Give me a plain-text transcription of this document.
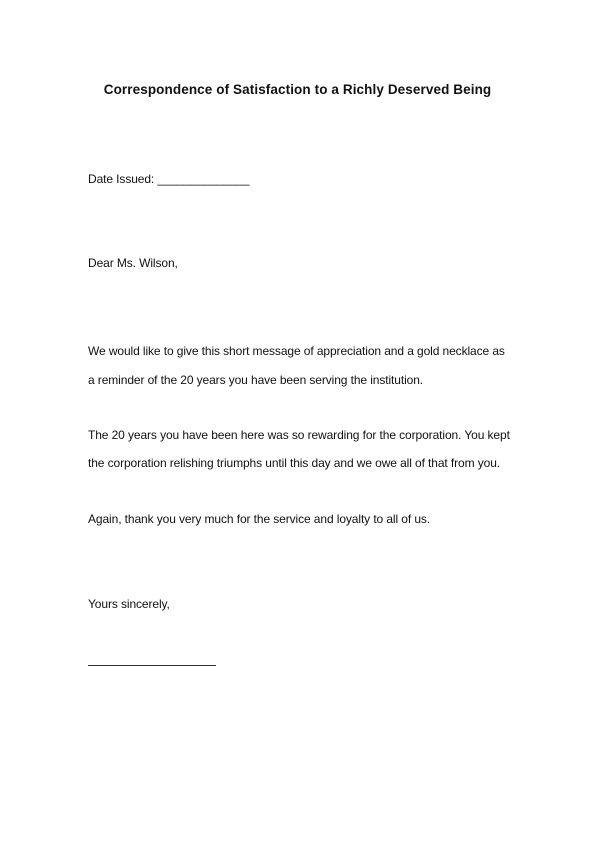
Correspondence of Satisfaction to a Richly Deserved Being
Date Issued: ______________
Dear Ms. Wilson,
We would like to give this short message of appreciation and a gold necklace as
a reminder of the 20 years you have been serving the institution.
The 20 years you have been here was so rewarding for the corporation. You kept
the corporation relishing triumphs until this day and we owe all of that from you.
Again, thank you very much for the service and loyalty to all of us.
Yours sincerely,
